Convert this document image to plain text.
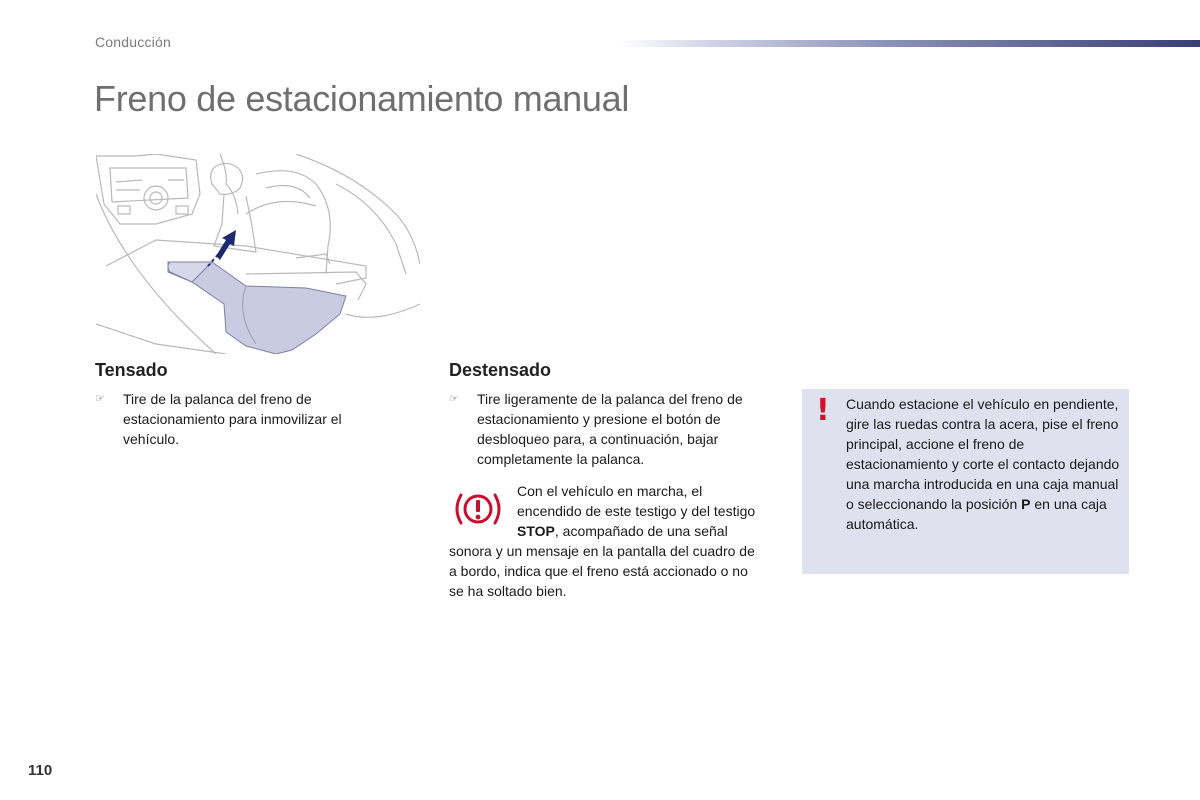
Conducción
Freno de estacionamiento manual
Tensado
☞	Tire de la palanca del freno de estacionamiento para inmovilizar el vehículo.
Destensado
☞	Tire ligeramente de la palanca del freno de estacionamiento y presione el botón de desbloqueo para, a continuación, bajar completamente la palanca.
Con el vehículo en marcha, el encendido de este testigo y del testigo STOP, acompañado de una señal sonora y un mensaje en la pantalla del cuadro de a bordo, indica que el freno está accionado o no se ha soltado bien.
! Cuando estacione el vehículo en pendiente, gire las ruedas contra la acera, pise el freno principal, accione el freno de estacionamiento y corte el contacto dejando una marcha introducida en una caja manual o seleccionando la posición P en una caja automática.
110
